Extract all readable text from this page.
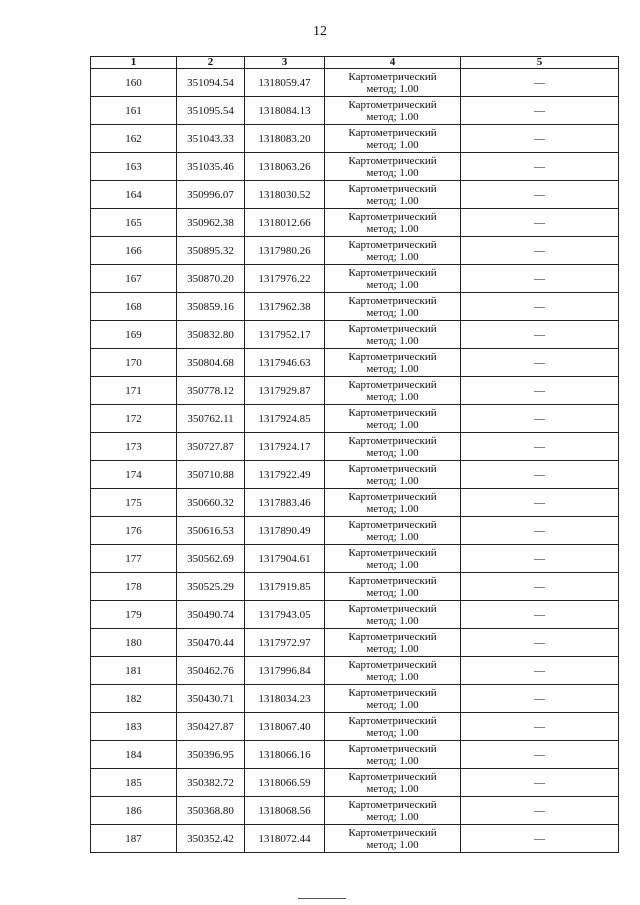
12
1	2	3	4	5
160	351094.54	1318059.47	Картометрический
метод; 1.00	—
161	351095.54	1318084.13	Картометрический
метод; 1.00	—
162	351043.33	1318083.20	Картометрический
метод; 1.00	—
163	351035.46	1318063.26	Картометрический
метод; 1.00	—
164	350996.07	1318030.52	Картометрический
метод; 1.00	—
165	350962.38	1318012.66	Картометрический
метод; 1.00	—
166	350895.32	1317980.26	Картометрический
метод; 1.00	—
167	350870.20	1317976.22	Картометрический
метод; 1.00	—
168	350859.16	1317962.38	Картометрический
метод; 1.00	—
169	350832.80	1317952.17	Картометрический
метод; 1.00	—
170	350804.68	1317946.63	Картометрический
метод; 1.00	—
171	350778.12	1317929.87	Картометрический
метод; 1.00	—
172	350762.11	1317924.85	Картометрический
метод; 1.00	—
173	350727.87	1317924.17	Картометрический
метод; 1.00	—
174	350710.88	1317922.49	Картометрический
метод; 1.00	—
175	350660.32	1317883.46	Картометрический
метод; 1.00	—
176	350616.53	1317890.49	Картометрический
метод; 1.00	—
177	350562.69	1317904.61	Картометрический
метод; 1.00	—
178	350525.29	1317919.85	Картометрический
метод; 1.00	—
179	350490.74	1317943.05	Картометрический
метод; 1.00	—
180	350470.44	1317972.97	Картометрический
метод; 1.00	—
181	350462.76	1317996.84	Картометрический
метод; 1.00	—
182	350430.71	1318034.23	Картометрический
метод; 1.00	—
183	350427.87	1318067.40	Картометрический
метод; 1.00	—
184	350396.95	1318066.16	Картометрический
метод; 1.00	—
185	350382.72	1318066.59	Картометрический
метод; 1.00	—
186	350368.80	1318068.56	Картометрический
метод; 1.00	—
187	350352.42	1318072.44	Картометрический
метод; 1.00	—
